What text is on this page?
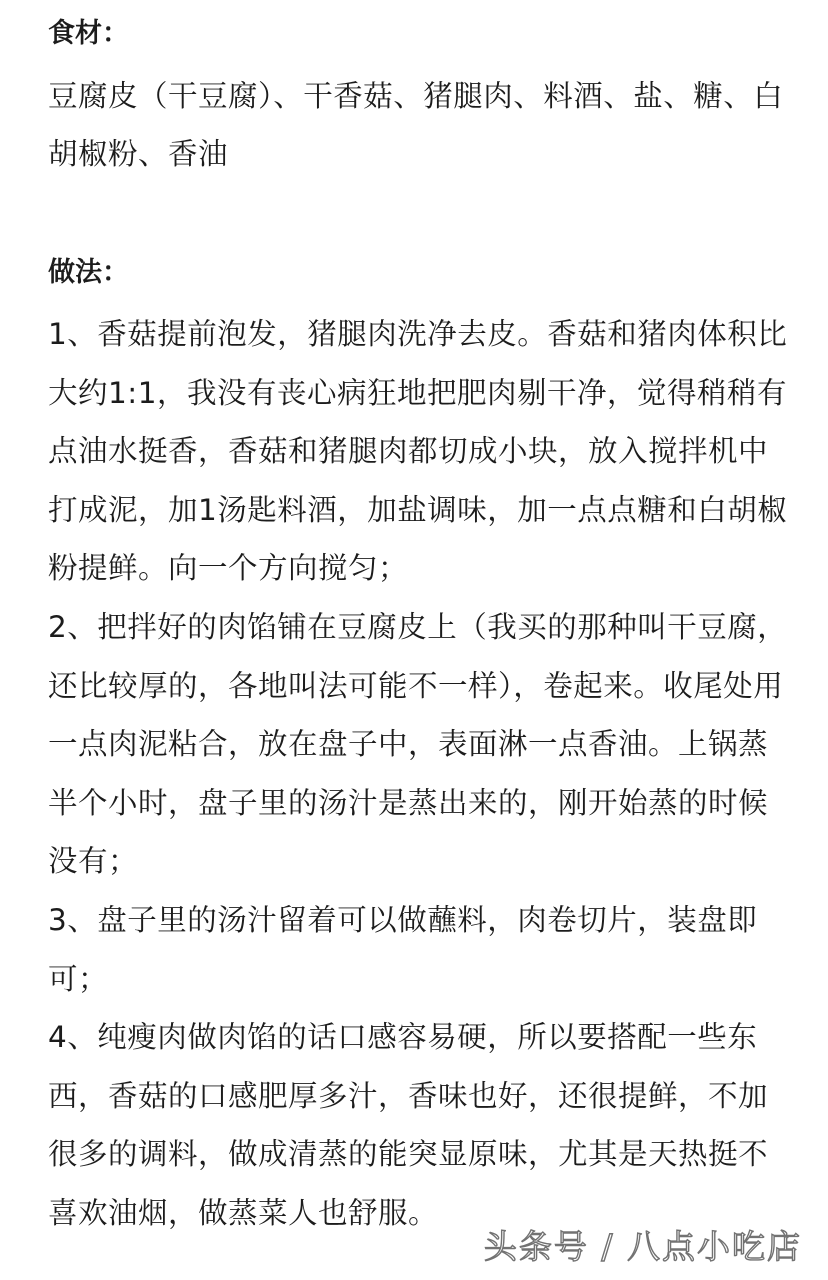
食材：

豆腐皮（干豆腐）、干香菇、猪腿肉、料酒、盐、糖、白胡椒粉、香油

做法：

1、香菇提前泡发，猪腿肉洗净去皮。香菇和猪肉体积比大约1:1，我没有丧心病狂地把肥肉剔干净，觉得稍稍有点油水挺香，香菇和猪腿肉都切成小块，放入搅拌机中打成泥，加1汤匙料酒，加盐调味，加一点点糖和白胡椒粉提鲜。向一个方向搅匀；

2、把拌好的肉馅铺在豆腐皮上（我买的那种叫干豆腐，还比较厚的，各地叫法可能不一样），卷起来。收尾处用一点肉泥粘合，放在盘子中，表面淋一点香油。上锅蒸半个小时，盘子里的汤汁是蒸出来的，刚开始蒸的时候没有；

3、盘子里的汤汁留着可以做蘸料，肉卷切片，装盘即可；

4、纯瘦肉做肉馅的话口感容易硬，所以要搭配一些东西，香菇的口感肥厚多汁，香味也好，还很提鲜，不加很多的调料，做成清蒸的能突显原味，尤其是天热挺不喜欢油烟，做蒸菜人也舒服。

头条号 / 八点小吃店
